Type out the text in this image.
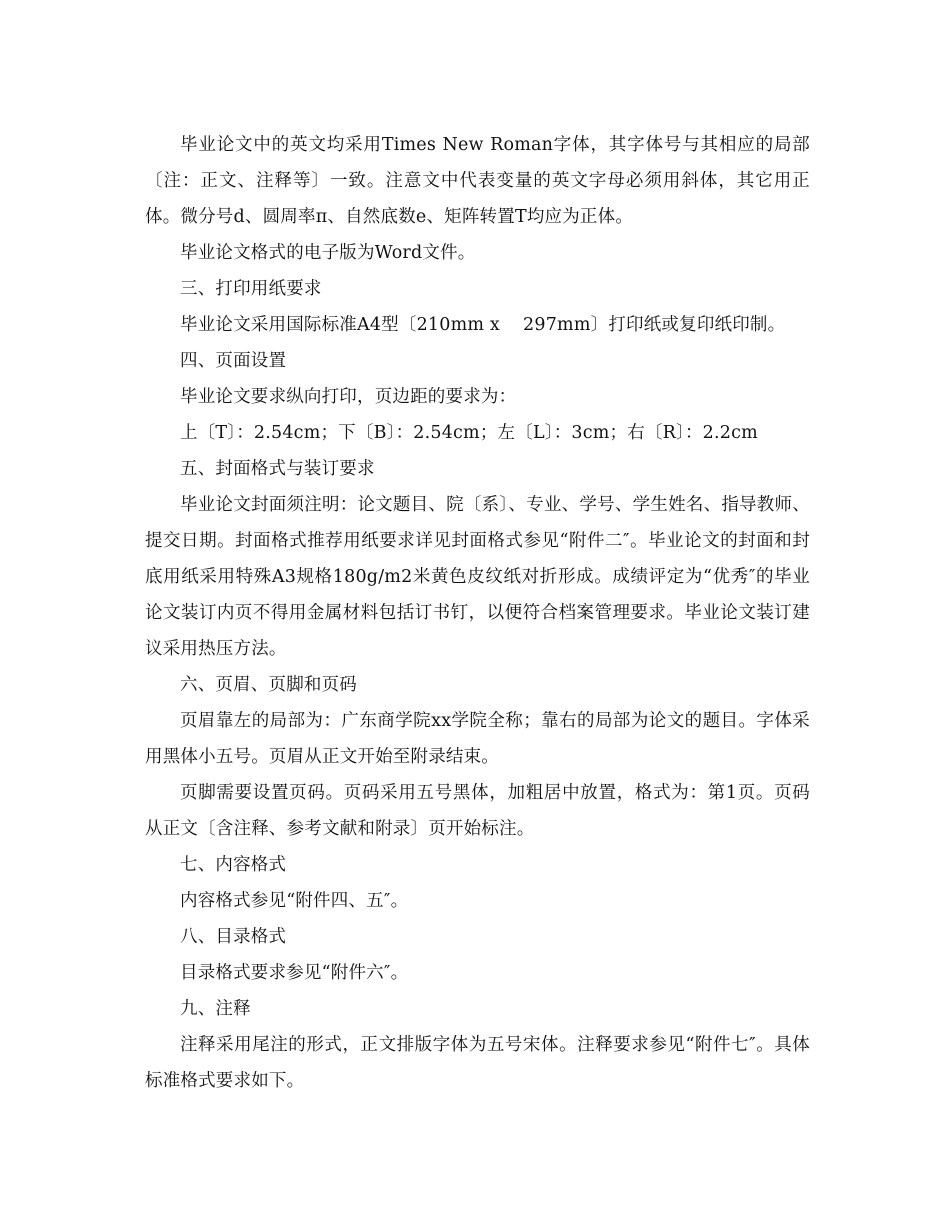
毕业论文中的英文均采用Times New Roman字体，其字体号与其相应的局部〔注：正文、注释等〕一致。注意文中代表变量的英文字母必须用斜体，其它用正体。微分号d、圆周率π、自然底数e、矩阵转置T均应为正体。

毕业论文格式的电子版为Word文件。

三、打印用纸要求

毕业论文采用国际标准A4型〔210mm x    297mm〕打印纸或复印纸印制。

四、页面设置

毕业论文要求纵向打印，页边距的要求为：

上〔T〕：2.54cm；下〔B〕：2.54cm；左〔L〕：3cm；右〔R〕：2.2cm

五、封面格式与装订要求

毕业论文封面须注明：论文题目、院〔系〕、专业、学号、学生姓名、指导教师、提交日期。封面格式推荐用纸要求详见封面格式参见“附件二″。毕业论文的封面和封底用纸采用特殊A3规格180g/m2米黄色皮纹纸对折形成。成绩评定为“优秀″的毕业论文装订内页不得用金属材料包括订书钉，以便符合档案管理要求。毕业论文装订建议采用热压方法。

六、页眉、页脚和页码

页眉靠左的局部为：广东商学院xx学院全称；靠右的局部为论文的题目。字体采用黑体小五号。页眉从正文开始至附录结束。

页脚需要设置页码。页码采用五号黑体，加粗居中放置，格式为：第1页。页码从正文〔含注释、参考文献和附录〕页开始标注。

七、内容格式

内容格式参见“附件四、五″。

八、目录格式

目录格式要求参见“附件六″。

九、注释

注释采用尾注的形式，正文排版字体为五号宋体。注释要求参见“附件七″。具体标准格式要求如下。
